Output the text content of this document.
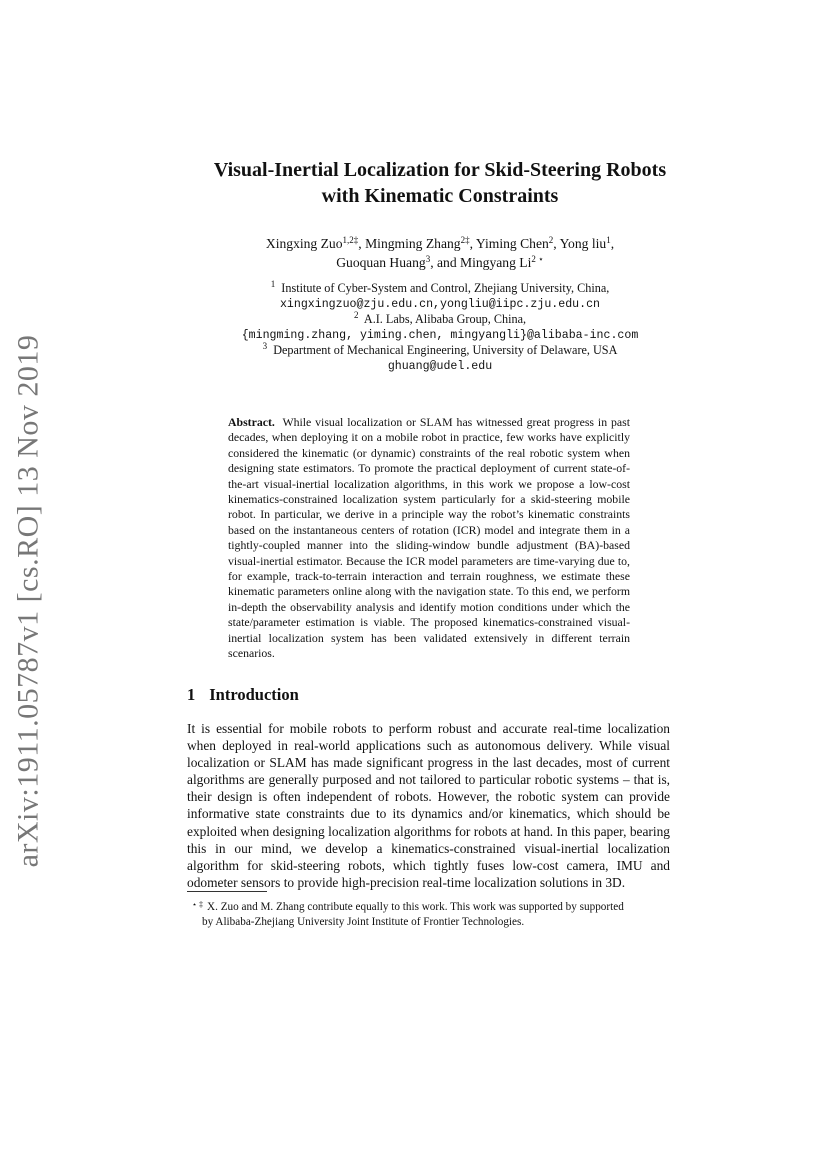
arXiv:1911.05787v1 [cs.RO] 13 Nov 2019
Visual-Inertial Localization for Skid-Steering Robots
with Kinematic Constraints
Xingxing Zuo$^{1,2\ddagger}$, Mingming Zhang$^{2\ddagger}$, Yiming Chen$^2$, Yong liu$^1$,
Guoquan Huang$^3$, and Mingyang $Li^{2 ⋆}$
$^1$ Institute of Cyber-System and Control, Zhejiang University, China,
xingxingzuo@zju.edu.cn,yongliu@iipc.zju.edu.cn
$^2$ A.I. Labs, Alibaba Group, China,
{mingming.zhang, yiming.chen, mingyangli}@alibaba-inc.com
$^3$ Department of Mechanical Engineering, University of Delaware, USA
ghuang@udel.edu

Abstract. While visual localization or SLAM has witnessed great progress in past decades, when deploying it on a mobile robot in practice, few works have explicitly considered the kinematic (or dynamic) constraints of the real robotic system when designing state estimators. To promote the practical deployment of current state-of-the-art visual-inertial localization algorithms, in this work we propose a low-cost kinematics-constrained localization system particularly for a skid-steering mobile robot. In particular, we derive in a principle way the robot’s kinematic constraints based on the instantaneous centers of rotation (ICR) model and integrate them in a tightly-coupled manner into the sliding-window bundle adjustment (BA)-based visual-inertial estimator. Because the ICR model parameters are time-varying due to, for example, track-to-terrain interaction and terrain roughness, we estimate these kinematic parameters online along with the navigation state. To this end, we perform in-depth the observability analysis and identify motion conditions under which the state/parameter estimation is viable. The proposed kinematics-constrained visual-inertial localization system has been validated extensively in different terrain scenarios.

1 Introduction

It is essential for mobile robots to perform robust and accurate real-time localization when deployed in real-world applications such as autonomous delivery. While visual localization or SLAM has made significant progress in the last decades, most of current algorithms are generally purposed and not tailored to particular robotic systems – that is, their design is often independent of robots. However, the robotic system can provide informative state constraints due to its dynamics and/or kinematics, which should be exploited when designing localization algorithms for robots at hand. In this paper, bearing this in our mind, we develop a kinematics-constrained visual-inertial localization algorithm for skid-steering robots, which tightly fuses low-cost camera, IMU and odometer sensors to provide high-precision real-time localization solutions in 3D.

⋆ ‡ X. Zuo and M. Zhang contribute equally to this work. This work was supported by supported
by Alibaba-Zhejiang University Joint Institute of Frontier Technologies.
